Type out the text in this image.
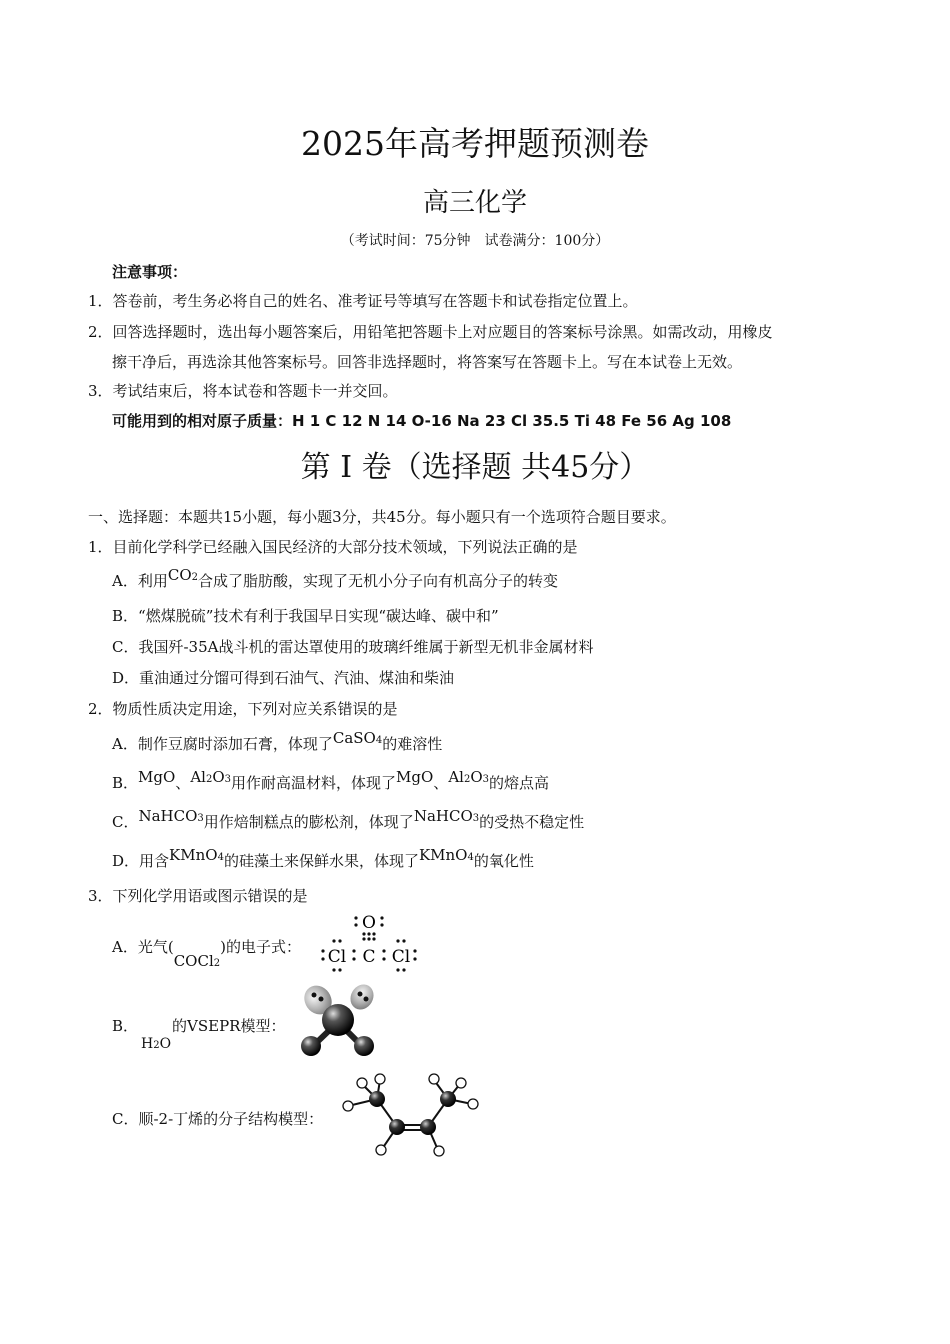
2025年高考押题预测卷
高三化学
（考试时间：75分钟　试卷满分：100分）
注意事项：
1．答卷前，考生务必将自己的姓名、准考证号等填写在答题卡和试卷指定位置上。
2．回答选择题时，选出每小题答案后，用铅笔把答题卡上对应题目的答案标号涂黑。如需改动，用橡皮
擦干净后，再选涂其他答案标号。回答非选择题时，将答案写在答题卡上。写在本试卷上无效。
3．考试结束后，将本试卷和答题卡一并交回。
可能用到的相对原子质量：H 1 C 12 N 14 O-16 Na 23 Cl 35.5 Ti 48 Fe 56 Ag 108
第 I 卷（选择题 共45分）
一、选择题：本题共15小题，每小题3分，共45分。每小题只有一个选项符合题目要求。
1．目前化学科学已经融入国民经济的大部分技术领域，下列说法正确的是
A．利用CO2合成了脂肪酸，实现了无机小分子向有机高分子的转变
B．“燃煤脱硫”技术有利于我国早日实现“碳达峰、碳中和”
C．我国歼-35A战斗机的雷达罩使用的玻璃纤维属于新型无机非金属材料
D．重油通过分馏可得到石油气、汽油、煤油和柴油
2．物质性质决定用途，下列对应关系错误的是
A．制作豆腐时添加石膏，体现了CaSO4的难溶性
B．MgO、Al2O3用作耐高温材料，体现了MgO、Al2O3的熔点高
C．NaHCO3用作焙制糕点的膨松剂，体现了NaHCO3的受热不稳定性
D．用含KMnO4的硅藻土来保鲜水果，体现了KMnO4的氧化性
3．下列化学用语或图示错误的是
A．光气(COCl2)的电子式：
O
Cl C Cl
B． 的VSEPR模型：
H2O
C．顺-2-丁烯的分子结构模型：
